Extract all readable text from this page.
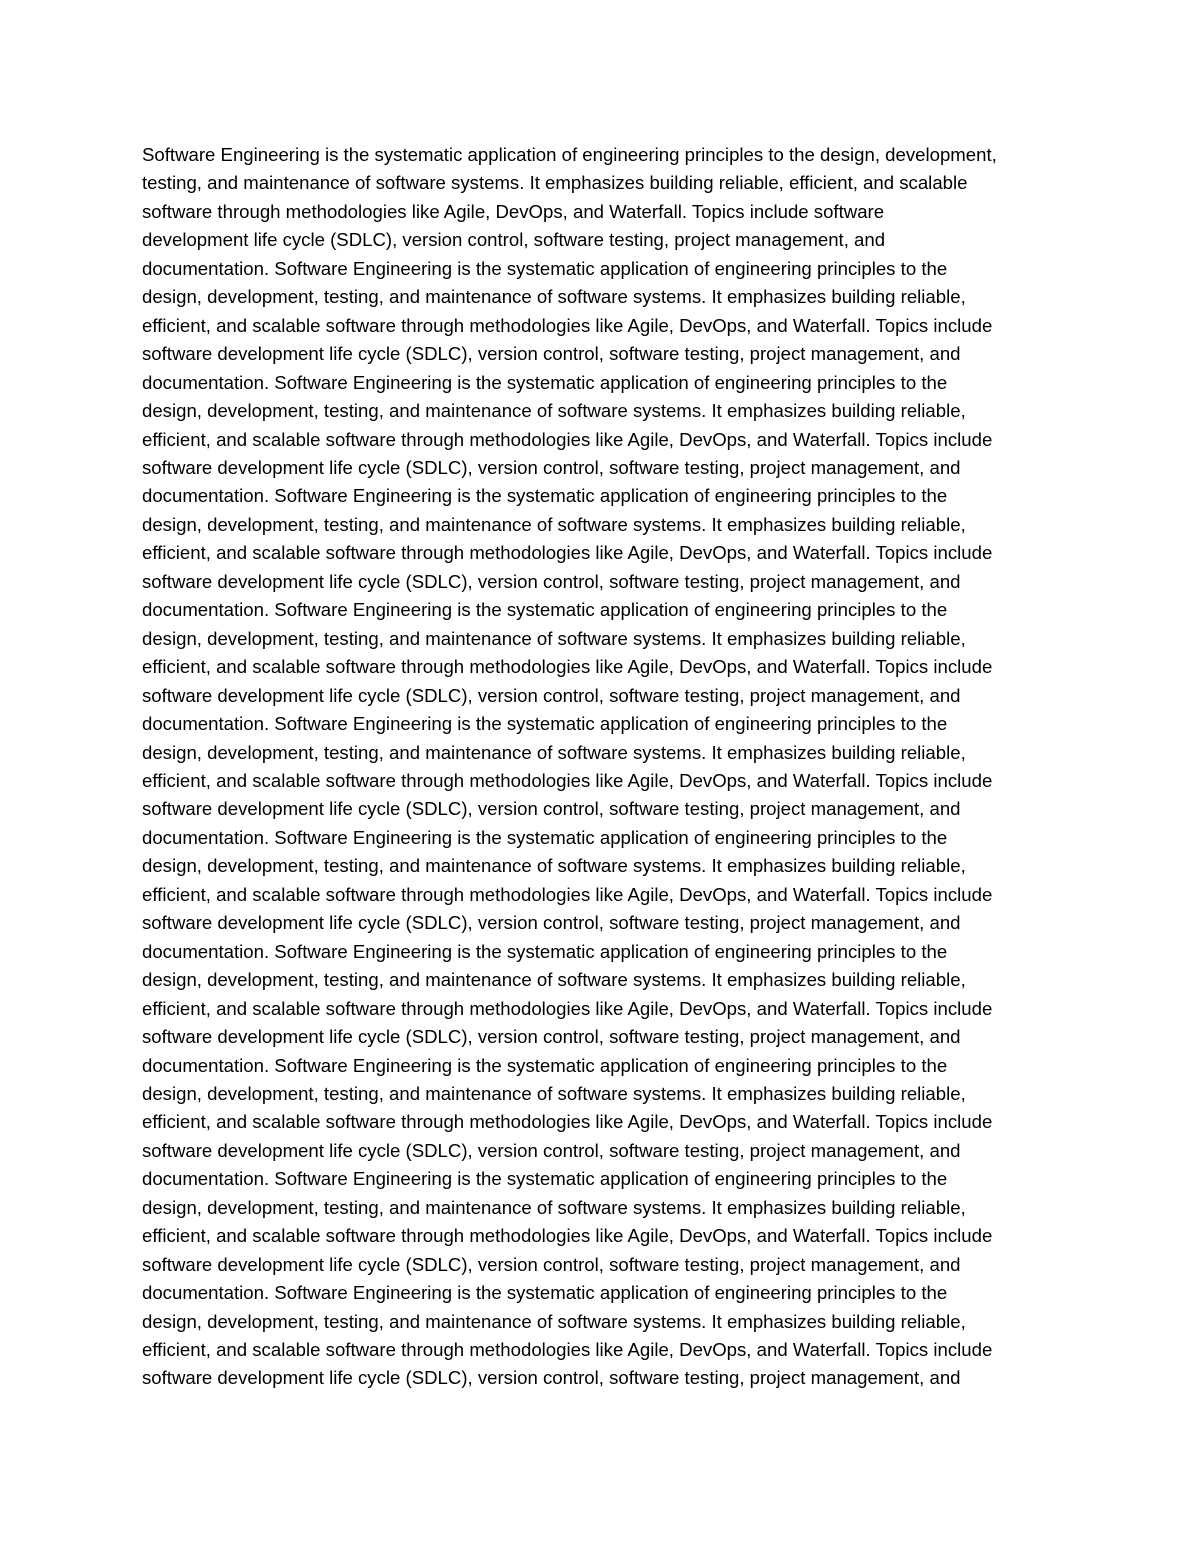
Software Engineering is the systematic application of engineering principles to the design, development,
testing, and maintenance of software systems. It emphasizes building reliable, efficient, and scalable
software through methodologies like Agile, DevOps, and Waterfall. Topics include software
development life cycle (SDLC), version control, software testing, project management, and
documentation. Software Engineering is the systematic application of engineering principles to the
design, development, testing, and maintenance of software systems. It emphasizes building reliable,
efficient, and scalable software through methodologies like Agile, DevOps, and Waterfall. Topics include
software development life cycle (SDLC), version control, software testing, project management, and
documentation. Software Engineering is the systematic application of engineering principles to the
design, development, testing, and maintenance of software systems. It emphasizes building reliable,
efficient, and scalable software through methodologies like Agile, DevOps, and Waterfall. Topics include
software development life cycle (SDLC), version control, software testing, project management, and
documentation. Software Engineering is the systematic application of engineering principles to the
design, development, testing, and maintenance of software systems. It emphasizes building reliable,
efficient, and scalable software through methodologies like Agile, DevOps, and Waterfall. Topics include
software development life cycle (SDLC), version control, software testing, project management, and
documentation. Software Engineering is the systematic application of engineering principles to the
design, development, testing, and maintenance of software systems. It emphasizes building reliable,
efficient, and scalable software through methodologies like Agile, DevOps, and Waterfall. Topics include
software development life cycle (SDLC), version control, software testing, project management, and
documentation. Software Engineering is the systematic application of engineering principles to the
design, development, testing, and maintenance of software systems. It emphasizes building reliable,
efficient, and scalable software through methodologies like Agile, DevOps, and Waterfall. Topics include
software development life cycle (SDLC), version control, software testing, project management, and
documentation. Software Engineering is the systematic application of engineering principles to the
design, development, testing, and maintenance of software systems. It emphasizes building reliable,
efficient, and scalable software through methodologies like Agile, DevOps, and Waterfall. Topics include
software development life cycle (SDLC), version control, software testing, project management, and
documentation. Software Engineering is the systematic application of engineering principles to the
design, development, testing, and maintenance of software systems. It emphasizes building reliable,
efficient, and scalable software through methodologies like Agile, DevOps, and Waterfall. Topics include
software development life cycle (SDLC), version control, software testing, project management, and
documentation. Software Engineering is the systematic application of engineering principles to the
design, development, testing, and maintenance of software systems. It emphasizes building reliable,
efficient, and scalable software through methodologies like Agile, DevOps, and Waterfall. Topics include
software development life cycle (SDLC), version control, software testing, project management, and
documentation. Software Engineering is the systematic application of engineering principles to the
design, development, testing, and maintenance of software systems. It emphasizes building reliable,
efficient, and scalable software through methodologies like Agile, DevOps, and Waterfall. Topics include
software development life cycle (SDLC), version control, software testing, project management, and
documentation. Software Engineering is the systematic application of engineering principles to the
design, development, testing, and maintenance of software systems. It emphasizes building reliable,
efficient, and scalable software through methodologies like Agile, DevOps, and Waterfall. Topics include
software development life cycle (SDLC), version control, software testing, project management, and
